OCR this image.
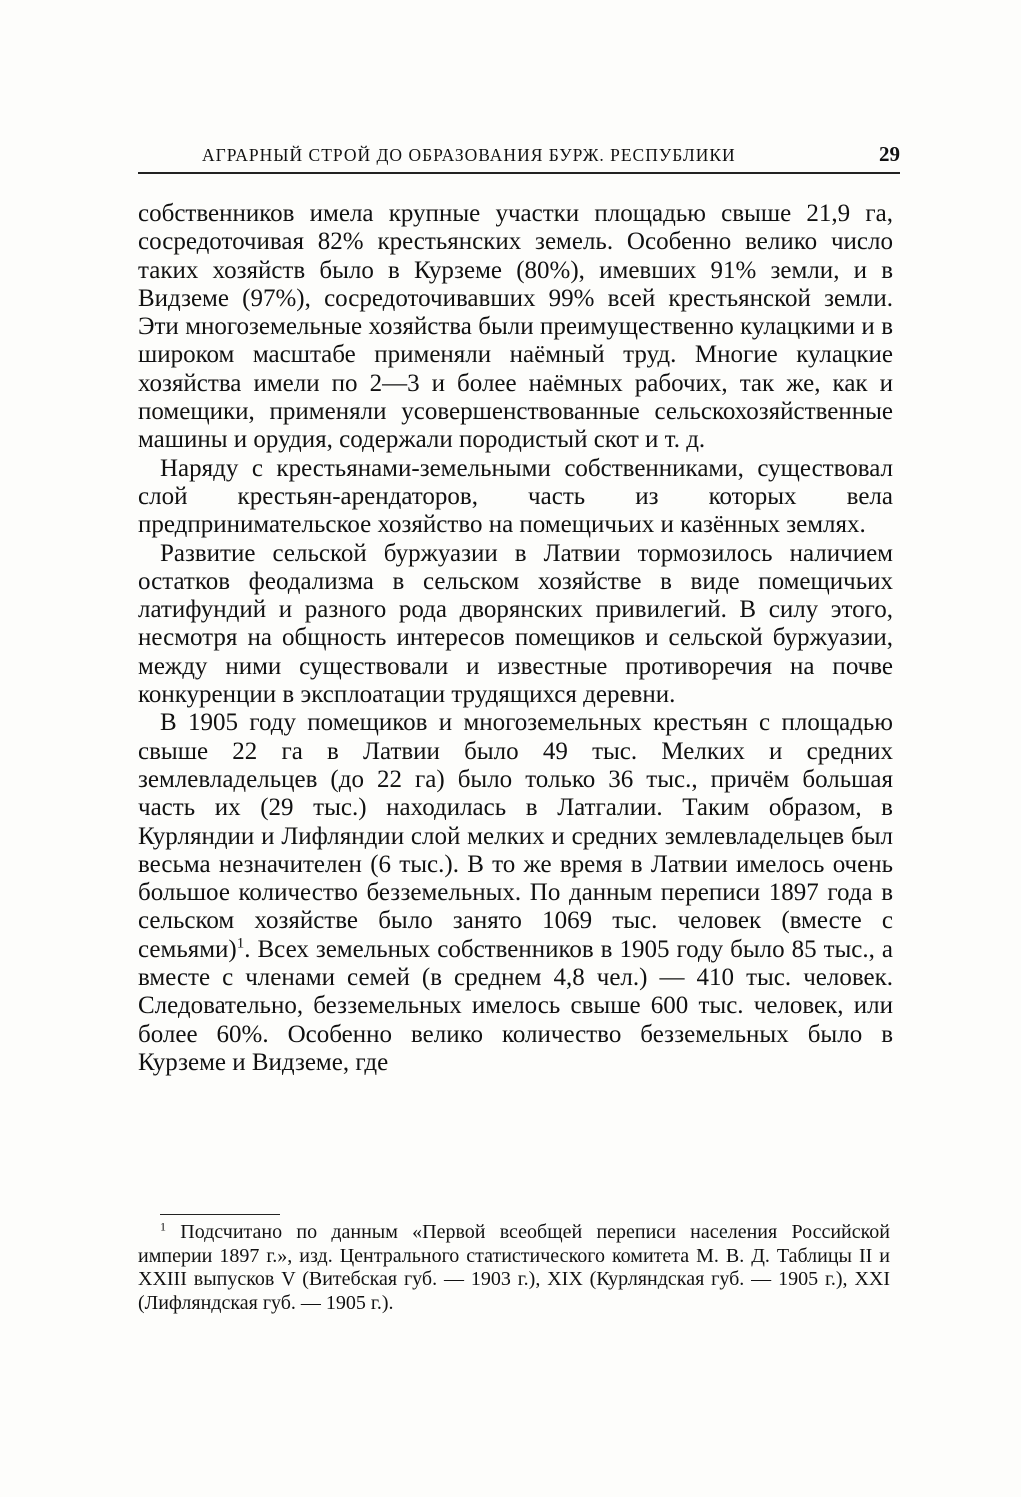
АГРАРНЫЙ СТРОЙ ДО ОБРАЗОВАНИЯ БУРЖ. РЕСПУБЛИКИ	29

собственников имела крупные участки площадью свыше 21,9 га, сосредоточивая 82% крестьянских земель. Особенно велико число таких хозяйств было в Курземе (80%), имевших 91% земли, и в Видземе (97%), сосредоточивавших 99% всей крестьянской земли. Эти многоземельные хозяйства были преимущественно кулацкими и в широком масштабе применяли наёмный труд. Многие кулацкие хозяйства имели по 2—3 и более наёмных рабочих, так же, как и помещики, применяли усовершенствованные сельскохозяйственные машины и орудия, содержали породистый скот и т. д.

Наряду с крестьянами-земельными собственниками, существовал слой крестьян-арендаторов, часть из которых вела предпринимательское хозяйство на помещичьих и казённых землях.

Развитие сельской буржуазии в Латвии тормозилось наличием остатков феодализма в сельском хозяйстве в виде помещичьих латифундий и разного рода дворянских привилегий. В силу этого, несмотря на общность интересов помещиков и сельской буржуазии, между ними существовали и известные противоречия на почве конкуренции в эксплоатации трудящихся деревни.

В 1905 году помещиков и многоземельных крестьян с площадью свыше 22 га в Латвии было 49 тыс. Мелких и средних землевладельцев (до 22 га) было только 36 тыс., причём большая часть их (29 тыс.) находилась в Латгалии. Таким образом, в Курляндии и Лифляндии слой мелких и средних землевладельцев был весьма незначителен (6 тыс.). В то же время в Латвии имелось очень большое количество безземельных. По данным переписи 1897 года в сельском хозяйстве было занято 1069 тыс. человек (вместе с семьями)$^1$. Всех земельных собственников в 1905 году было 85 тыс., а вместе с членами семей (в среднем 4,8 чел.) — 410 тыс. человек. Следовательно, безземельных имелось свыше 600 тыс. человек, или более 60%. Особенно велико количество безземельных было в Курземе и Видземе, где

$^1$ Подсчитано по данным «Первой всеобщей переписи населения Российской империи 1897 г.», изд. Центрального статистического комитета М. В. Д. Таблицы II и XXIII выпусков V (Витебская губ. — 1903 г.), XIX (Курляндская губ. — 1905 г.), XXI (Лифляндская губ. — 1905 г.).
